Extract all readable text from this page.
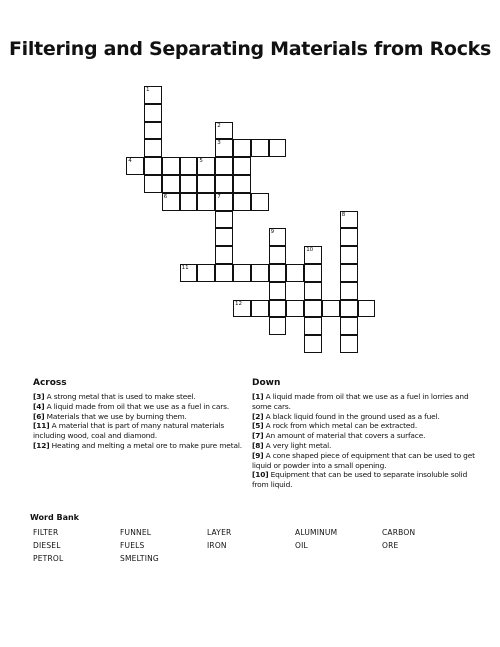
Filtering and Separating Materials from Rocks
1
2
3
4	5
6	7
8
9
10
11
12
Across
[3] A strong metal that is used to make steel.
[4] A liquid made from oil that we use as a fuel in cars.
[6] Materials that we use by burning them.
[11] A material that is part of many natural materials including wood, coal and diamond.
[12] Heating and melting a metal ore to make pure metal.
Down
[1] A liquid made from oil that we use as a fuel in lorries and some cars.
[2] A black liquid found in the ground used as a fuel.
[5] A rock from which metal can be extracted.
[7] An amount of material that covers a surface.
[8] A very light metal.
[9] A cone shaped piece of equipment that can be used to get liquid or powder into a small opening.
[10] Equipment that can be used to separate insoluble solid from liquid.
Word Bank
FILTER	FUNNEL	LAYER	ALUMINUM	CARBON
DIESEL	FUELS	IRON	OIL	ORE
PETROL	SMELTING
